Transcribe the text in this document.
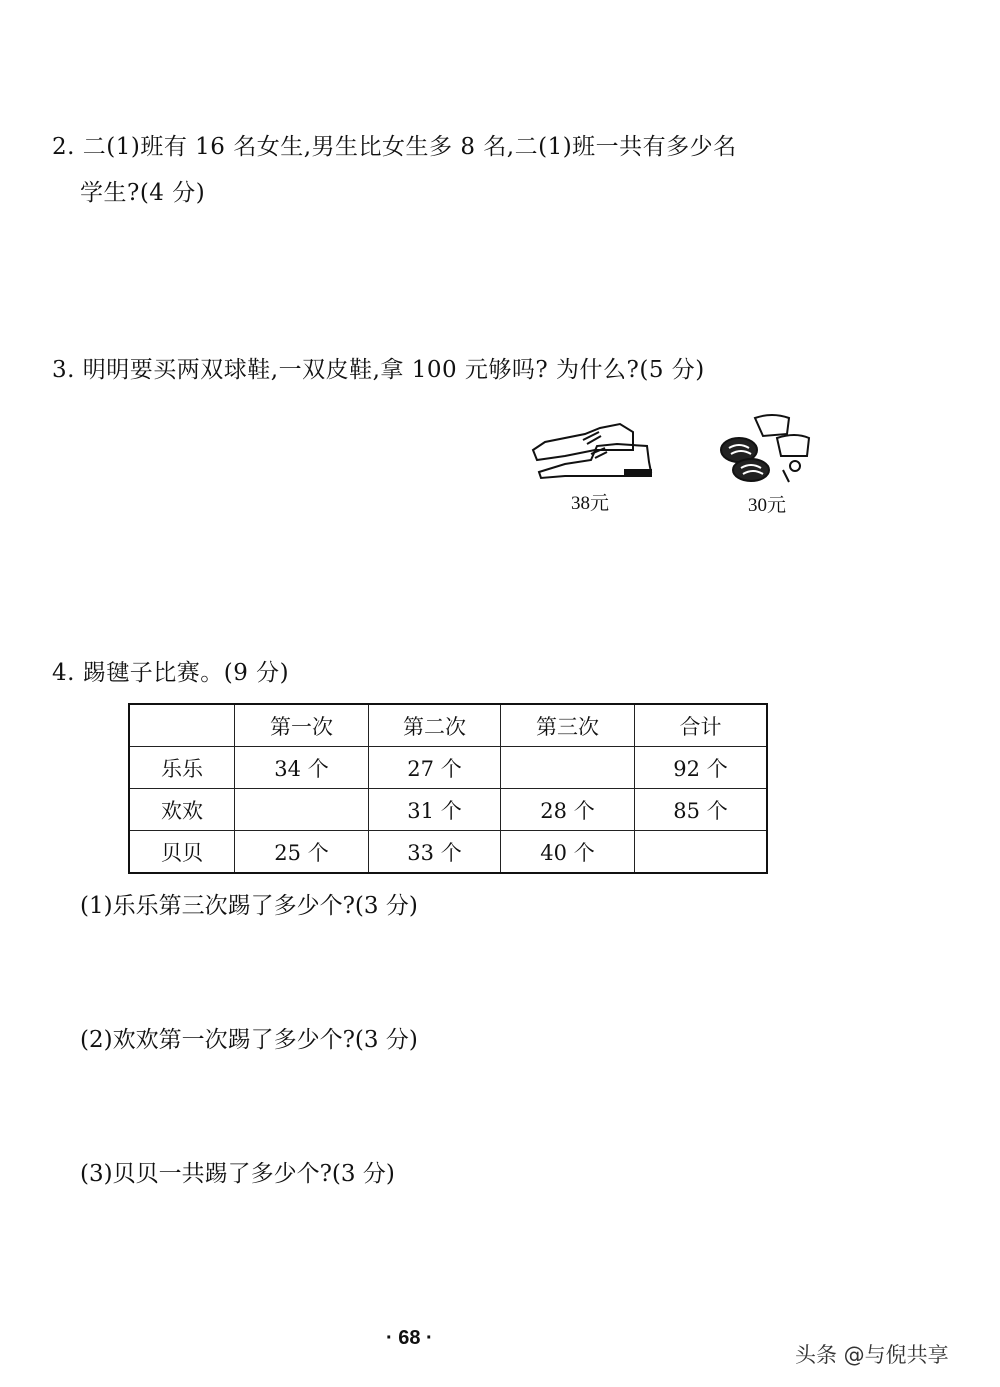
2. 二(1)班有 16 名女生,男生比女生多 8 名,二(1)班一共有多少名
学生?(4 分)
3. 明明要买两双球鞋,一双皮鞋,拿 100 元够吗? 为什么?(5 分)
38元	30元
4. 踢毽子比赛。(9 分)
	第一次	第二次	第三次	合计
乐乐	34 个	27 个		92 个
欢欢		31 个	28 个	85 个
贝贝	25 个	33 个	40 个	
(1)乐乐第三次踢了多少个?(3 分)
(2)欢欢第一次踢了多少个?(3 分)
(3)贝贝一共踢了多少个?(3 分)
· 68 ·
头条 @与倪共享
